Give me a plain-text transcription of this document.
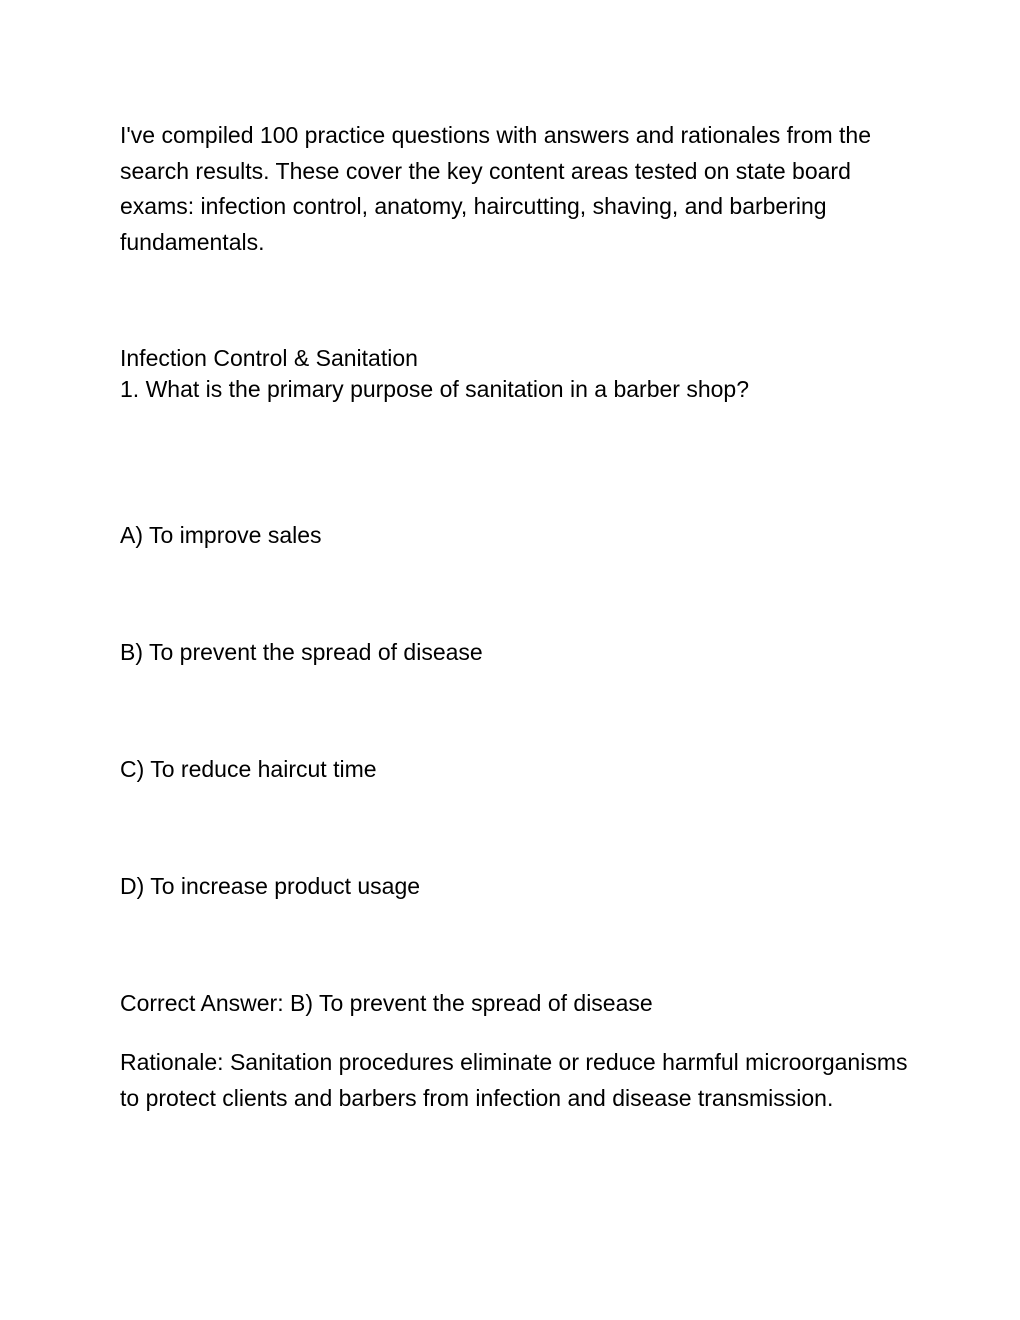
I've compiled 100 practice questions with answers and rationales from the search results. These cover the key content areas tested on state board exams: infection control, anatomy, haircutting, shaving, and barbering fundamentals.

Infection Control & Sanitation

1. What is the primary purpose of sanitation in a barber shop?

A) To improve sales

B) To prevent the spread of disease

C) To reduce haircut time

D) To increase product usage

Correct Answer: B) To prevent the spread of disease

Rationale: Sanitation procedures eliminate or reduce harmful microorganisms to protect clients and barbers from infection and disease transmission.
